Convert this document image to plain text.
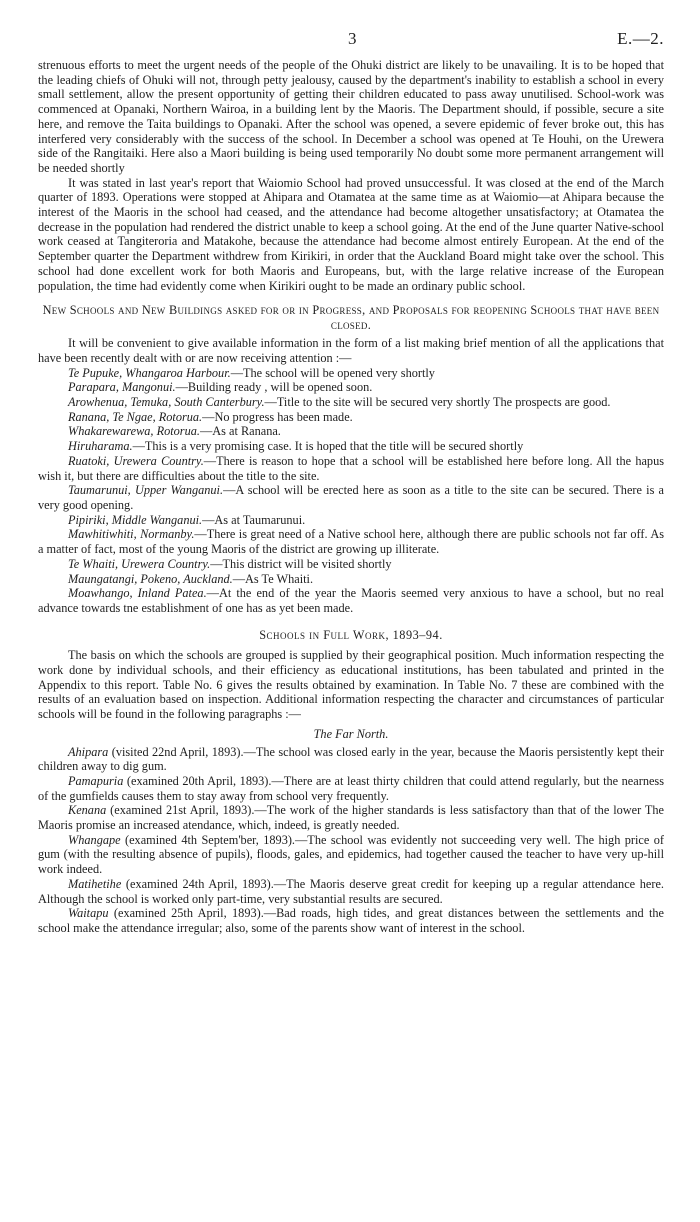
3	E.—2.

strenuous efforts to meet the urgent needs of the people of the Ohuki district are likely to be unavailing. It is to be hoped that the leading chiefs of Ohuki will not, through petty jealousy, caused by the department's inability to establish a school in every small settlement, allow the present opportunity of getting their children educated to pass away unutilised. School-work was commenced at Opanaki, Northern Wairoa, in a building lent by the Maoris. The Department should, if possible, secure a site here, and remove the Taita buildings to Opanaki. After the school was opened, a severe epidemic of fever broke out, this has interfered very considerably with the success of the school. In December a school was opened at Te Houhi, on the Urewera side of the Rangitaiki. Here also a Maori building is being used temporarily No doubt some more permanent arrangement will be needed shortly

It was stated in last year's report that Waiomio School had proved unsuccessful. It was closed at the end of the March quarter of 1893. Operations were stopped at Ahipara and Otamatea at the same time as at Waiomio—at Ahipara because the interest of the Maoris in the school had ceased, and the attendance had become altogether unsatisfactory; at Otamatea the decrease in the population had rendered the district unable to keep a school going. At the end of the June quarter Native-school work ceased at Tangiteroria and Matakohe, because the attendance had become almost entirely European. At the end of the September quarter the Department withdrew from Kirikiri, in order that the Auckland Board might take over the school. This school had done excellent work for both Maoris and Europeans, but, with the large relative increase of the European population, the time had evidently come when Kirikiri ought to be made an ordinary public school.

New Schools and New Buildings asked for or in Progress, and Proposals for reopening Schools that have been closed.

It will be convenient to give available information in the form of a list making brief mention of all the applications that have been recently dealt with or are now receiving attention :—

Te Pupuke, Whangaroa Harbour.—The school will be opened very shortly

Parapara, Mangonui.—Building ready , will be opened soon.

Arowhenua, Temuka, South Canterbury.—Title to the site will be secured very shortly The prospects are good.

Ranana, Te Ngae, Rotorua.—No progress has been made.

Whakarewarewa, Rotorua.—As at Ranana.

Hiruharama.—This is a very promising case. It is hoped that the title will be secured shortly

Ruatoki, Urewera Country.—There is reason to hope that a school will be established here before long. All the hapus wish it, but there are difficulties about the title to the site.

Taumarunui, Upper Wanganui.—A school will be erected here as soon as a title to the site can be secured. There is a very good opening.

Pipiriki, Middle Wanganui.—As at Taumarunui.

Mawhitiwhiti, Normanby.—There is great need of a Native school here, although there are public schools not far off. As a matter of fact, most of the young Maoris of the district are growing up illiterate.

Te Whaiti, Urewera Country.—This district will be visited shortly

Maungatangi, Pokeno, Auckland.—As Te Whaiti.

Moawhango, Inland Patea.—At the end of the year the Maoris seemed very anxious to have a school, but no real advance towards tne establishment of one has as yet been made.

Schools in Full Work, 1893–94.

The basis on which the schools are grouped is supplied by their geographical position. Much information respecting the work done by individual schools, and their efficiency as educational institutions, has been tabulated and printed in the Appendix to this report. Table No. 6 gives the results obtained by examination. In Table No. 7 these are combined with the results of an evaluation based on inspection. Additional information respecting the character and circumstances of particular schools will be found in the following paragraphs :—

The Far North.

Ahipara (visited 22nd April, 1893).—The school was closed early in the year, because the Maoris persistently kept their children away to dig gum.

Pamapuria (examined 20th April, 1893).—There are at least thirty children that could attend regularly, but the nearness of the gumfields causes them to stay away from school very frequently.

Kenana (examined 21st April, 1893).—The work of the higher standards is less satisfactory than that of the lower The Maoris promise an increased atendance, which, indeed, is greatly needed.

Whangape (examined 4th Septem'ber, 1893).—The school was evidently not succeeding very well. The high price of gum (with the resulting absence of pupils), floods, gales, and epidemics, had together caused the teacher to have very up-hill work indeed.

Matihetihe (examined 24th April, 1893).—The Maoris deserve great credit for keeping up a regular attendance here. Although the school is worked only part-time, very substantial results are secured.

Waitapu (examined 25th April, 1893).—Bad roads, high tides, and great distances between the settlements and the school make the attendance irregular; also, some of the parents show want of interest in the school.
